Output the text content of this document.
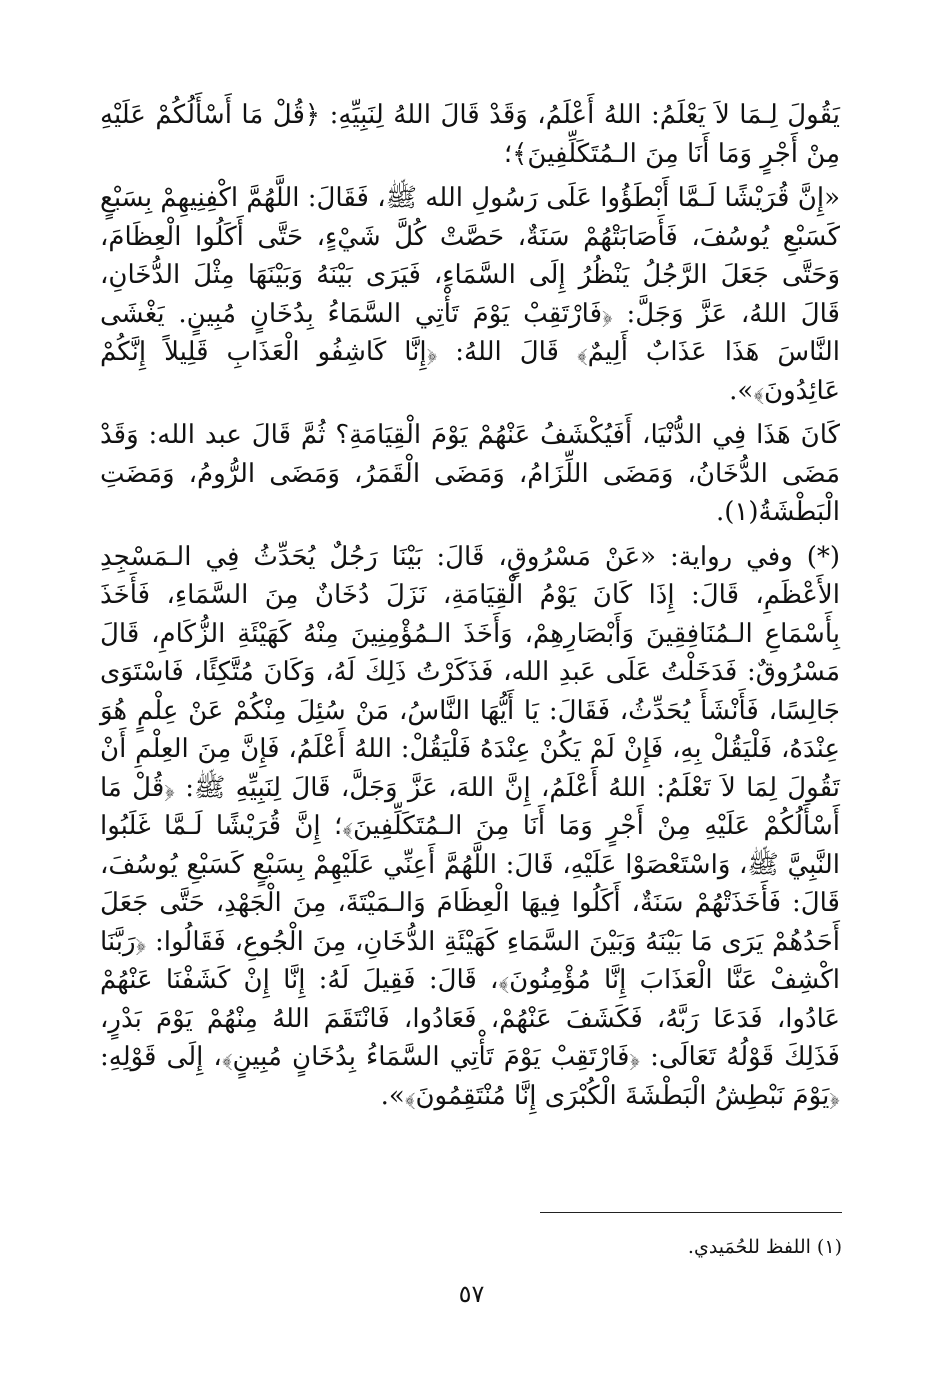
يَقُولَ لِـمَا لاَ يَعْلَمُ: اللهُ أَعْلَمُ، وَقَدْ قَالَ اللهُ لِنَبِيِّهِ: ﴿قُلْ مَا أَسْأَلُكُمْ عَلَيْهِ مِنْ أَجْرٍ وَمَا أَنَا مِنَ الـمُتَكَلِّفِينَ﴾؛

«إِنَّ قُرَيْشًا لَـمَّا أَبْطَؤُوا عَلَى رَسُولِ الله ﷺ، فَقَالَ: اللَّهُمَّ اكْفِنِيهِمْ بِسَبْعٍ كَسَبْعِ يُوسُفَ، فَأَصَابَتْهُمْ سَنَةٌ، حَصَّتْ كُلَّ شَيْءٍ، حَتَّى أَكَلُوا الْعِظَامَ، وَحَتَّى جَعَلَ الرَّجُلُ يَنْظُرُ إِلَى السَّمَاءِ، فَيَرَى بَيْنَهُ وَبَيْنَهَا مِثْلَ الدُّخَانِ، قَالَ اللهُ، عَزَّ وَجَلَّ: ﴿فَارْتَقِبْ يَوْمَ تَأْتِي السَّمَاءُ بِدُخَانٍ مُبِينٍ. يَغْشَى النَّاسَ هَذَا عَذَابٌ أَلِيمٌ﴾ قَالَ اللهُ: ﴿إِنَّا كَاشِفُو الْعَذَابِ قَلِيلاً إِنَّكُمْ عَائِدُونَ﴾».

كَانَ هَذَا فِي الدُّنْيَا، أَفَيُكْشَفُ عَنْهُمْ يَوْمَ الْقِيَامَةِ؟ ثُمَّ قَالَ عبد الله: وَقَدْ مَضَى الدُّخَانُ، وَمَضَى اللِّزَامُ، وَمَضَى الْقَمَرُ، وَمَضَى الرُّومُ، وَمَضَتِ الْبَطْشَةُ(١).

(*) وفي رواية: «عَنْ مَسْرُوقٍ، قَالَ: بَيْنَا رَجُلٌ يُحَدِّثُ فِي الـمَسْجِدِ الأَعْظَمِ، قَالَ: إِذَا كَانَ يَوْمُ الْقِيَامَةِ، نَزَلَ دُخَانٌ مِنَ السَّمَاءِ، فَأَخَذَ بِأَسْمَاعِ الـمُنَافِقِينَ وَأَبْصَارِهِمْ، وَأَخَذَ الـمُؤْمِنِينَ مِنْهُ كَهَيْئَةِ الزُّكَامِ، قَالَ مَسْرُوقٌ: فَدَخَلْتُ عَلَى عَبدِ الله، فَذَكَرْتُ ذَلِكَ لَهُ، وَكَانَ مُتَّكِئًا، فَاسْتَوَى جَالِسًا، فَأَنْشَأَ يُحَدِّثُ، فَقَالَ: يَا أَيُّهَا النَّاسُ، مَنْ سُئِلَ مِنْكُمْ عَنْ عِلْمٍ هُوَ عِنْدَهُ، فَلْيَقُلْ بِهِ، فَإِنْ لَمْ يَكُنْ عِنْدَهُ فَلْيَقُلْ: اللهُ أَعْلَمُ، فَإِنَّ مِنَ العِلْمِ أَنْ تَقُولَ لِمَا لاَ تَعْلَمُ: اللهُ أَعْلَمُ، إِنَّ اللهَ، عَزَّ وَجَلَّ، قَالَ لِنَبِيِّهِ ﷺ: ﴿قُلْ مَا أَسْأَلُكُمْ عَلَيْهِ مِنْ أَجْرٍ وَمَا أَنَا مِنَ الـمُتَكَلِّفِينَ﴾؛ إِنَّ قُرَيْشًا لَـمَّا غَلَبُوا النَّبِيَّ ﷺ، وَاسْتَعْصَوْا عَلَيْهِ، قَالَ: اللَّهُمَّ أَعِنِّي عَلَيْهِمْ بِسَبْعٍ كَسَبْعِ يُوسُفَ، قَالَ: فَأَخَذَتْهُمْ سَنَةٌ، أَكَلُوا فِيهَا الْعِظَامَ وَالـمَيْتَةَ، مِنَ الْجَهْدِ، حَتَّى جَعَلَ أَحَدُهُمْ يَرَى مَا بَيْنَهُ وَبَيْنَ السَّمَاءِ كَهَيْئَةِ الدُّخَانِ، مِنَ الْجُوعِ، فَقَالُوا: ﴿رَبَّنَا اكْشِفْ عَنَّا الْعَذَابَ إِنَّا مُؤْمِنُونَ﴾، قَالَ: فَقِيلَ لَهُ: إِنَّا إِنْ كَشَفْنَا عَنْهُمْ عَادُوا، فَدَعَا رَبَّهُ، فَكَشَفَ عَنْهُمْ، فَعَادُوا، فَانْتَقَمَ اللهُ مِنْهُمْ يَوْمَ بَدْرٍ، فَذَلِكَ قَوْلُهُ تَعَالَى: ﴿فَارْتَقِبْ يَوْمَ تَأْتِي السَّمَاءُ بِدُخَانٍ مُبِينٍ﴾، إِلَى قَوْلِهِ: ﴿يَوْمَ نَبْطِشُ الْبَطْشَةَ الْكُبْرَى إِنَّا مُنْتَقِمُونَ﴾».

(١) اللفظ للحُمَيدي.
٥٧
